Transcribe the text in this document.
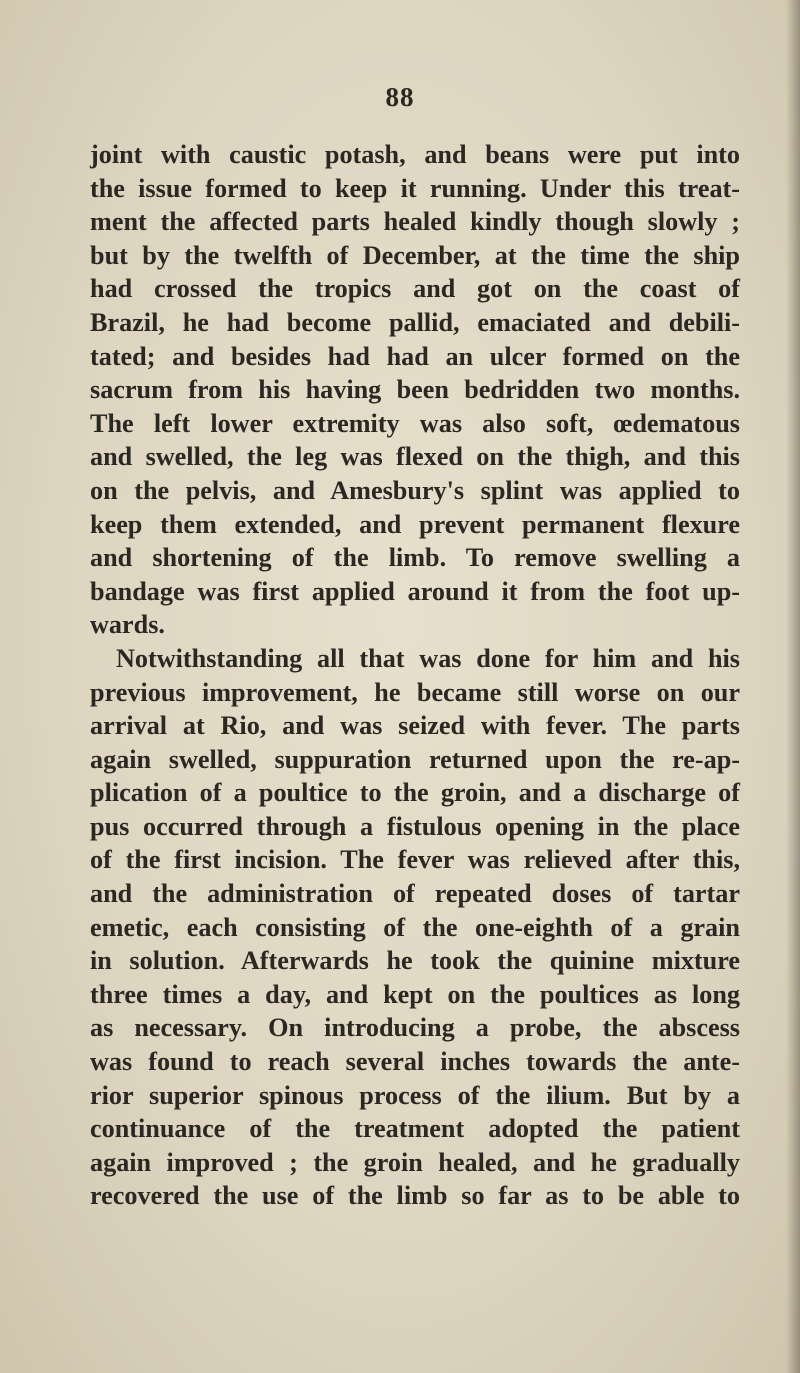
88
joint with caustic potash, and beans were put into
the issue formed to keep it running. Under this treat-
ment the affected parts healed kindly though slowly ;
but by the twelfth of December, at the time the ship
had crossed the tropics and got on the coast of
Brazil, he had become pallid, emaciated and debili-
tated; and besides had had an ulcer formed on the
sacrum from his having been bedridden two months.
The left lower extremity was also soft, œdematous
and swelled, the leg was flexed on the thigh, and this
on the pelvis, and Amesbury's splint was applied to
keep them extended, and prevent permanent flexure
and shortening of the limb. To remove swelling a
bandage was first applied around it from the foot up-
wards.
Notwithstanding all that was done for him and his
previous improvement, he became still worse on our
arrival at Rio, and was seized with fever. The parts
again swelled, suppuration returned upon the re-ap-
plication of a poultice to the groin, and a discharge of
pus occurred through a fistulous opening in the place
of the first incision. The fever was relieved after this,
and the administration of repeated doses of tartar
emetic, each consisting of the one-eighth of a grain
in solution. Afterwards he took the quinine mixture
three times a day, and kept on the poultices as long
as necessary. On introducing a probe, the abscess
was found to reach several inches towards the ante-
rior superior spinous process of the ilium. But by a
continuance of the treatment adopted the patient
again improved ; the groin healed, and he gradually
recovered the use of the limb so far as to be able to
